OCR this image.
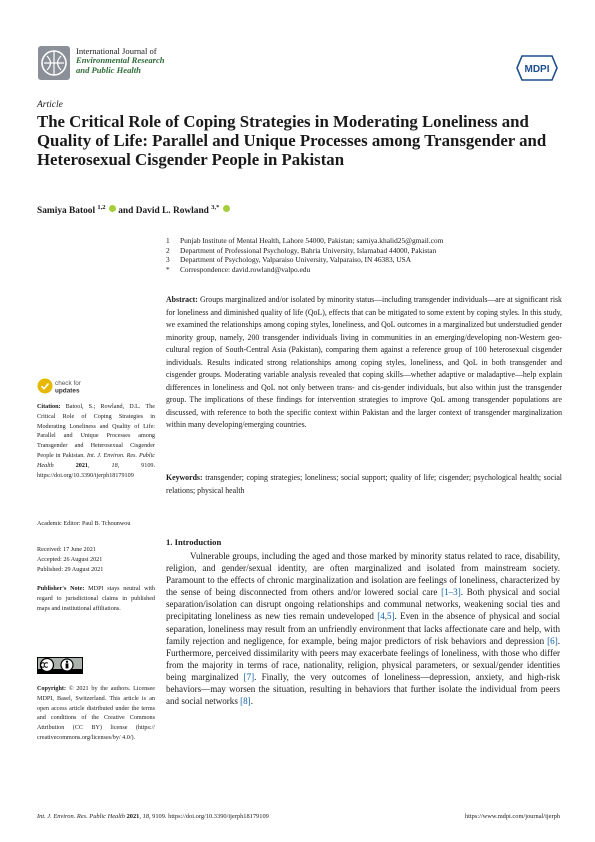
International Journal of
Environmental Research
and Public Health	MDPI
Article
The Critical Role of Coping Strategies in Moderating Loneliness and Quality of Life: Parallel and Unique Processes among Transgender and Heterosexual Cisgender People in Pakistan
Samiya Batool $^{1,2}$ and David L. Rowland $^{3,*}$
1	Punjab Institute of Mental Health, Lahore 54000, Pakistan; samiya.khalid25@gmail.com
2	Department of Professional Psychology, Bahria University, Islamabad 44000, Pakistan
3	Department of Psychology, Valparaiso University, Valparaiso, IN 46383, USA
*	Correspondence: david.rowland@valpo.edu

Abstract: Groups marginalized and/or isolated by minority status—including transgender individuals—are at significant risk for loneliness and diminished quality of life (QoL), effects that can be mitigated to some extent by coping styles. In this study, we examined the relationships among coping styles, loneliness, and QoL outcomes in a marginalized but understudied gender minority group, namely, 200 transgender individuals living in communities in an emerging/developing non-Western geo-cultural region of South-Central Asia (Pakistan), comparing them against a reference group of 100 heterosexual cisgender individuals. Results indicated strong relationships among coping styles, loneliness, and QoL in both transgender and cisgender groups. Moderating variable analysis revealed that coping skills—whether adaptive or maladaptive—help explain differences in loneliness and QoL not only between trans- and cis-gender individuals, but also within just the transgender group. The implications of these findings for intervention strategies to improve QoL among transgender populations are discussed, with reference to both the specific context within Pakistan and the larger context of transgender marginalization within many developing/emerging countries.

Keywords: transgender; coping strategies; loneliness; social support; quality of life; cisgender; psychological health; social relations; physical health

1. Introduction

Vulnerable groups, including the aged and those marked by minority status related to race, disability, religion, and gender/sexual identity, are often marginalized and isolated from mainstream society. Paramount to the effects of chronic marginalization and isolation are feelings of loneliness, characterized by the sense of being disconnected from others and/or lowered social care [1–3]. Both physical and social separation/isolation can disrupt ongoing relationships and communal networks, weakening social ties and precipitating loneliness as new ties remain undeveloped [4,5]. Even in the absence of physical and social separation, loneliness may result from an unfriendly environment that lacks affectionate care and help, with family rejection and negligence, for example, being major predictors of risk behaviors and depression [6]. Furthermore, perceived dissimilarity with peers may exacerbate feelings of loneliness, with those who differ from the majority in terms of race, nationality, religion, physical parameters, or sexual/gender identities being marginalized [7]. Finally, the very outcomes of loneliness—depression, anxiety, and high-risk behaviors—may worsen the situation, resulting in behaviors that further isolate the individual from peers and social networks [8].

check for
updates
Citation: Batool, S.; Rowland, D.L. The Critical Role of Coping Strategies in Moderating Loneliness and Quality of Life: Parallel and Unique Processes among Transgender and Heterosexual Cisgender People in Pakistan. Int. J. Environ. Res. Public Health	2021, 18, 9109. https://doi.org/10.3390/ijerph18179109
Academic Editor: Paul B. Tchounwou
Received: 17 June 2021
Accepted: 26 August 2021
Published: 29 August 2021
Publisher's Note: MDPI stays neutral with regard to jurisdictional claims in published maps and institutional affiliations.
Copyright: © 2021 by the authors. Licensee MDPI, Basel, Switzerland. This article is an open access article distributed under the terms and conditions of the Creative Commons Attribution (CC BY) license (https:// creativecommons.org/licenses/by/ 4.0/).
Int. J. Environ. Res. Public Health 2021, 18, 9109. https://doi.org/10.3390/ijerph18179109	https://www.mdpi.com/journal/ijerph
